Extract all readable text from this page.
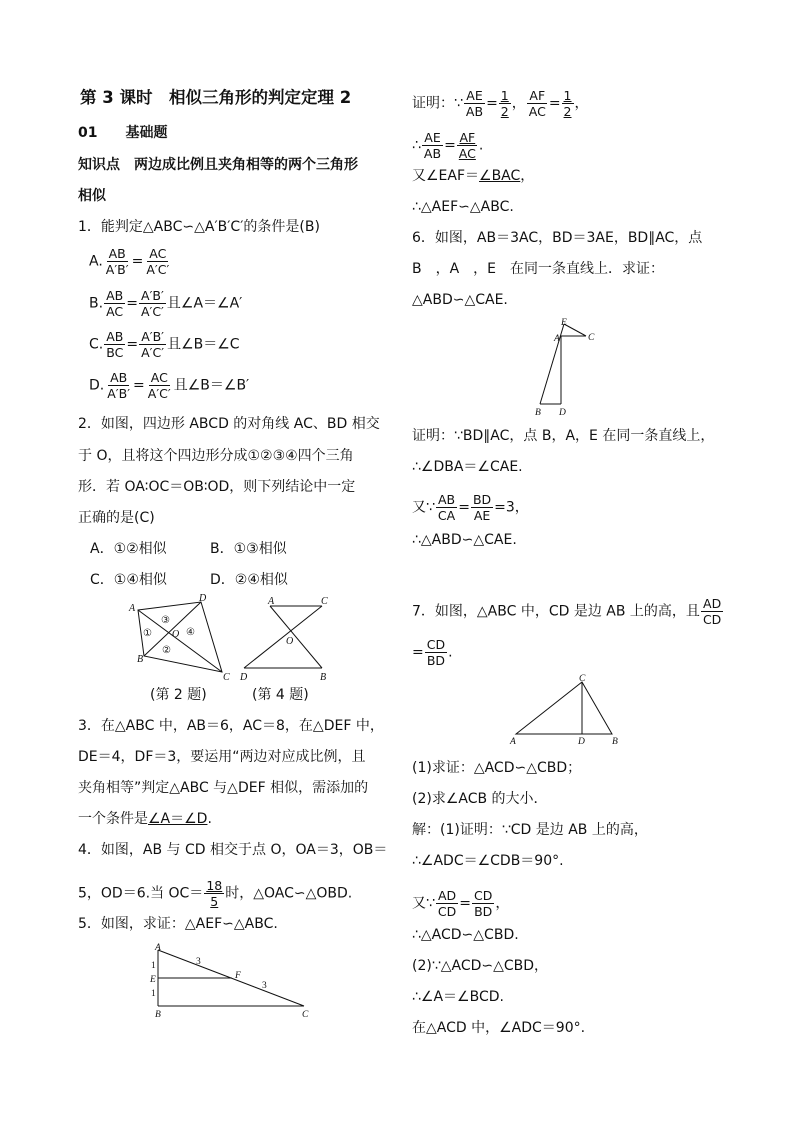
第 3 课时　相似三角形的判定定理 2
01　　基础题
知识点　两边成比例且夹角相等的两个三角形
相似
1．能判定△ABC∽△A′B′C′的条件是(B)
A. $\frac{AB}{A'B'} = \frac{AC}{A'C'}$
B. $\frac{AB}{AC} = \frac{A'B'}{A'C'}$ 且∠A＝∠A′
C. $\frac{AB}{BC} = \frac{A'B'}{A'C'}$ 且∠B＝∠C
D. $\frac{AB}{A'B'} = \frac{AC}{A'C'}$ 且∠B＝∠B′
2．如图，四边形 ABCD 的对角线 AC、BD 相交
于 O，且将这个四边形分成①②③④四个三角
形．若 OA∶OC＝OB∶OD，则下列结论中一定
正确的是(C)
A．①②相似	B．①③相似
C．①④相似	D．②④相似
A
D
C
B
O
①
②
③
④
A	C
O
D	B
(第 2 题)	(第 4 题)
3．在△ABC 中，AB＝6，AC＝8，在△DEF 中，
DE＝4，DF＝3，要运用“两边对应成比例，且
夹角相等”判定△ABC 与△DEF 相似，需添加的
一个条件是∠A＝∠D.
4．如图，AB 与 CD 相交于点 O，OA＝3，OB＝
5，OD＝6.当 $OC= \frac{18}{5}$ 时，△OAC∽△OBD.
5．如图，求证：△AEF∽△ABC.
A
E
B
F
C
1
1
3
3
证明：∵ $\frac{AE}{AB} = \frac{1}{2}$ ， $\frac{AF}{AC} = \frac{1}{2}$ ，
∴ $\frac{AE}{AB} = \frac{AF}{AC}$ .
又∠EAF＝∠BAC，
∴△AEF∽△ABC.
6．如图，AB＝3AC，BD＝3AE，BD∥AC，点
B　，A　，E　在同一条直线上．求证：
△ABD∽△CAE.
E
A	C
B D
证明：∵BD∥AC，点 B，A，E 在同一条直线上，
∴∠DBA＝∠CAE.
又∵ $\frac{AB}{CA} = \frac{BD}{AE} =3$，
∴△ABD∽△CAE.
7．如图，△ABC 中，CD 是边 AB 上的高，且 $\frac{AD}{CD}$
= $\frac{CD}{BD}$ .
C
A	D	B
(1)求证：△ACD∽△CBD；
(2)求∠ACB 的大小．
解：(1)证明：∵CD 是边 AB 上的高，
∴∠ADC＝∠CDB＝90°.
又∵ $\frac{AD}{CD} = \frac{CD}{BD}$ ，
∴△ACD∽△CBD.
(2)∵△ACD∽△CBD，
∴∠A＝∠BCD.
在△ACD 中，∠ADC＝90°.
